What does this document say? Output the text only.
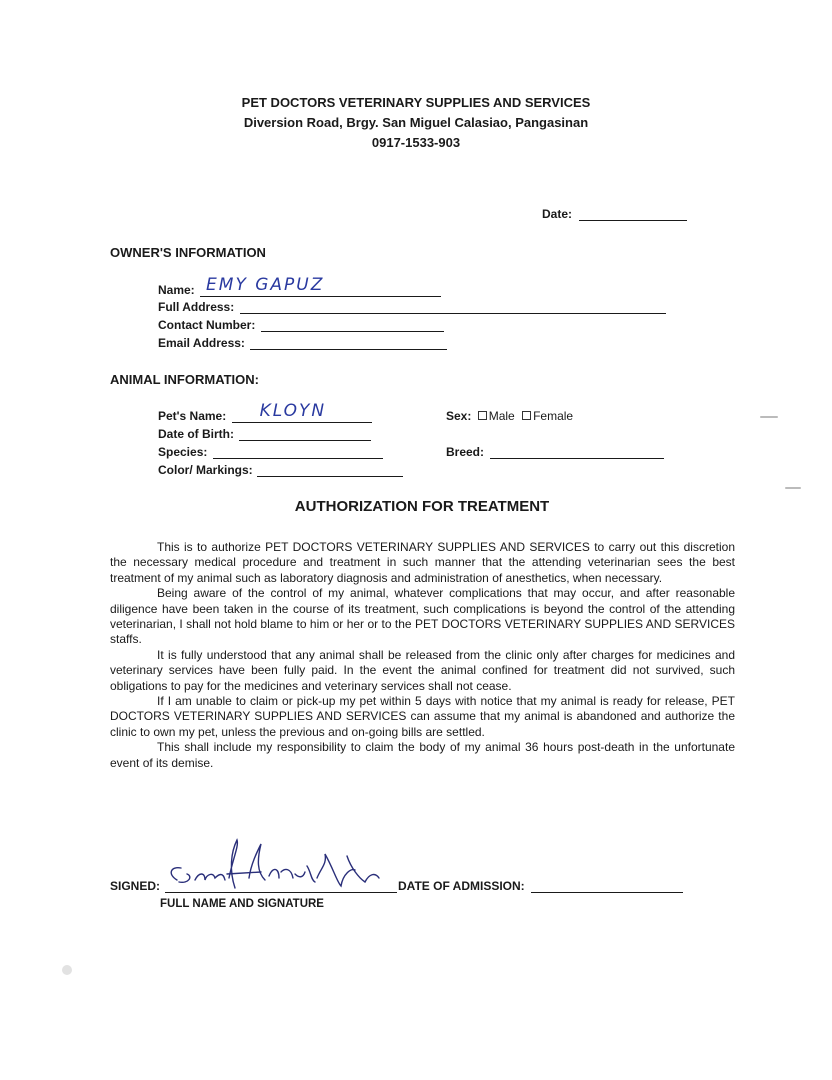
PET DOCTORS VETERINARY SUPPLIES AND SERVICES
Diversion Road, Brgy. San Miguel Calasiao, Pangasinan
0917-1533-903
Date:
OWNER'S INFORMATION
Name: EMY GAPUZ
Full Address:
Contact Number:
Email Address:
ANIMAL INFORMATION:
Pet's Name: KLOYN
Date of Birth:
Species:
Color/ Markings:
Sex: Male Female
Breed:
AUTHORIZATION FOR TREATMENT

This is to authorize PET DOCTORS VETERINARY SUPPLIES AND SERVICES to carry out this discretion the necessary medical procedure and treatment in such manner that the attending veterinarian sees the best treatment of my animal such as laboratory diagnosis and administration of anesthetics, when necessary.

Being aware of the control of my animal, whatever complications that may occur, and after reasonable diligence have been taken in the course of its treatment, such complications is beyond the control of the attending veterinarian, I shall not hold blame to him or her or to the PET DOCTORS VETERINARY SUPPLIES AND SERVICES staffs.

It is fully understood that any animal shall be released from the clinic only after charges for medicines and veterinary services have been fully paid. In the event the animal confined for treatment did not survived, such obligations to pay for the medicines and veterinary services shall not cease.

If I am unable to claim or pick-up my pet within 5 days with notice that my animal is ready for release, PET DOCTORS VETERINARY SUPPLIES AND SERVICES can assume that my animal is abandoned and authorize the clinic to own my pet, unless the previous and on-going bills are settled.

This shall include my responsibility to claim the body of my animal 36 hours post-death in the unfortunate event of its demise.

SIGNED:
FULL NAME AND SIGNATURE
DATE OF ADMISSION:
